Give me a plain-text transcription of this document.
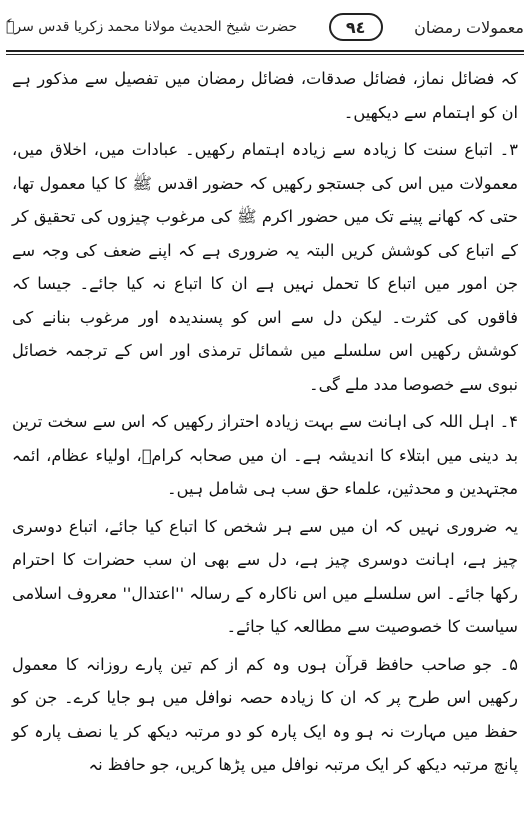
معمولات رمضان
٩٤
حضرت شیخ الحدیث مولانا محمد زکریا قدس سرہٗ

کہ فضائل نماز، فضائل صدقات، فضائل رمضان میں تفصیل سے مذکور ہے ان کو اہتمام سے دیکھیں۔

۳۔ اتباع سنت کا زیادہ سے زیادہ اہتمام رکھیں۔ عبادات میں، اخلاق میں، معمولات میں اس کی جستجو رکھیں کہ حضور اقدس ﷺ کا کیا معمول تھا، حتی کہ کھانے پینے تک میں حضور اکرم ﷺ کی مرغوب چیزوں کی تحقیق کر کے اتباع کی کوشش کریں البتہ یہ ضروری ہے کہ اپنے ضعف کی وجہ سے جن امور میں اتباع کا تحمل نہیں ہے ان کا اتباع نہ کیا جائے۔ جیسا کہ فاقوں کی کثرت۔ لیکن دل سے اس کو پسندیدہ اور مرغوب بنانے کی کوشش رکھیں اس سلسلے میں شمائل ترمذی اور اس کے ترجمہ خصائل نبوی سے خصوصا مدد ملے گی۔

۴۔ اہل اللہ کی اہانت سے بہت زیادہ احتراز رکھیں کہ اس سے سخت ترین بد دینی میں ابتلاء کا اندیشہ ہے۔ ان میں صحابہ کرامؓ، اولیاء عظام، ائمہ مجتہدین و محدثین، علماء حق سب ہی شامل ہیں۔

یہ ضروری نہیں کہ ان میں سے ہر شخص کا اتباع کیا جائے، اتباع دوسری چیز ہے، اہانت دوسری چیز ہے، دل سے بھی ان سب حضرات کا احترام رکھا جائے۔ اس سلسلے میں اس ناکارہ کے رسالہ ''اعتدال'' معروف اسلامی سیاست کا خصوصیت سے مطالعہ کیا جائے۔

۵۔ جو صاحب حافظ قرآن ہوں وہ کم از کم تین پارے روزانہ کا معمول رکھیں اس طرح پر کہ ان کا زیادہ حصہ نوافل میں ہو جایا کرے۔ جن کو حفظ میں مہارت نہ ہو وہ ایک پارہ کو دو مرتبہ دیکھ کر یا نصف پارہ کو پانچ مرتبہ دیکھ کر ایک مرتبہ نوافل میں پڑھا کریں، جو حافظ نہ
